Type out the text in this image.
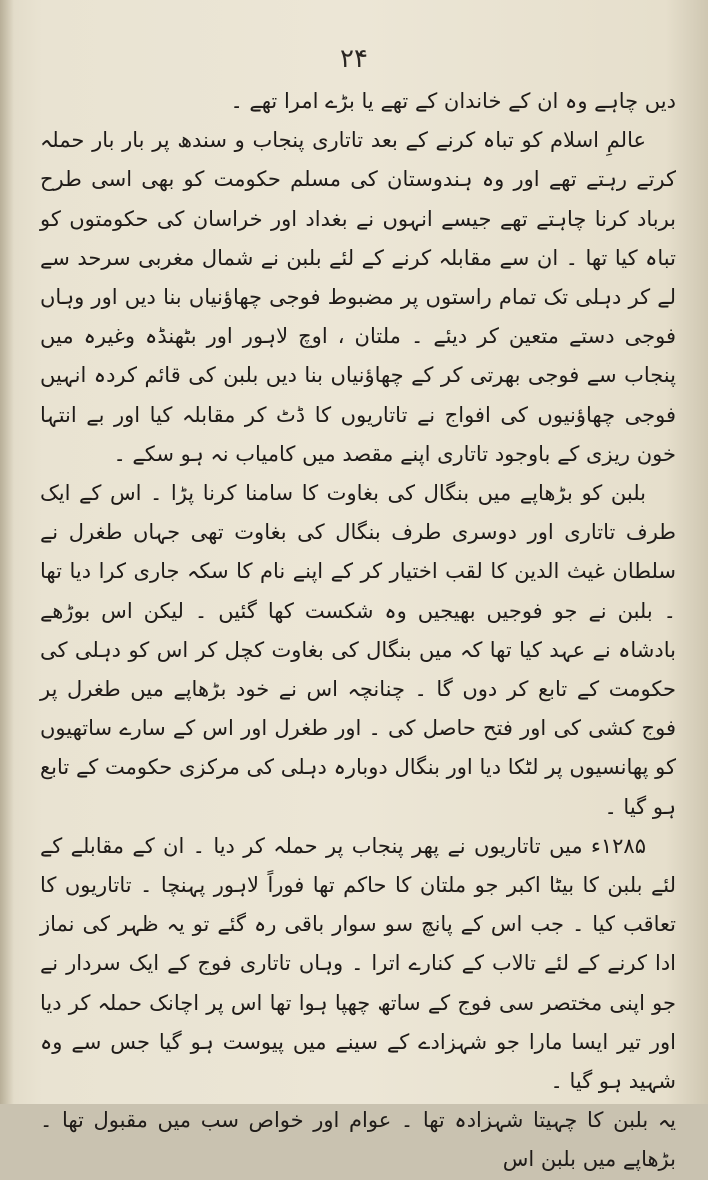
۲۴

دیں چاہے وہ ان کے خاندان کے تھے یا بڑے امرا تھے ۔

عالمِ اسلام کو تباہ کرنے کے بعد تاتاری پنجاب و سندھ پر بار بار حملہ کرتے رہتے تھے اور وہ ہندوستان کی مسلم حکومت کو بھی اسی طرح برباد کرنا چاہتے تھے جیسے انہوں نے بغداد اور خراسان کی حکومتوں کو تباہ کیا تھا ۔ ان سے مقابلہ کرنے کے لئے بلبن نے شمال مغربی سرحد سے لے کر دہلی تک تمام راستوں پر مضبوط فوجی چھاؤنیاں بنا دیں اور وہاں فوجی دستے متعین کر دیئے ۔ ملتان ، اوچ لاہور اور بٹھنڈہ وغیرہ میں پنجاب سے فوجی بھرتی کر کے چھاؤنیاں بنا دیں بلبن کی قائم کردہ انہیں فوجی چھاؤنیوں کی افواج نے تاتاریوں کا ڈٹ کر مقابلہ کیا اور بے انتہا خون ریزی کے باوجود تاتاری اپنے مقصد میں کامیاب نہ ہو سکے ۔

بلبن کو بڑھاپے میں بنگال کی بغاوت کا سامنا کرنا پڑا ۔ اس کے ایک طرف تاتاری اور دوسری طرف بنگال کی بغاوت تھی جہاں طغرل نے سلطان غیث الدین کا لقب اختیار کر کے اپنے نام کا سکہ جاری کرا دیا تھا ۔ بلبن نے جو فوجیں بھیجیں وہ شکست کھا گئیں ۔ لیکن اس بوڑھے بادشاہ نے عہد کیا تھا کہ میں بنگال کی بغاوت کچل کر اس کو دہلی کی حکومت کے تابع کر دوں گا ۔ چنانچہ اس نے خود بڑھاپے میں طغرل پر فوج کشی کی اور فتح حاصل کی ۔ اور طغرل اور اس کے سارے ساتھیوں کو پھانسیوں پر لٹکا دیا اور بنگال دوبارہ دہلی کی مرکزی حکومت کے تابع ہو گیا ۔

۱۲۸۵ء میں تاتاریوں نے پھر پنجاب پر حملہ کر دیا ۔ ان کے مقابلے کے لئے بلبن کا بیٹا اکبر جو ملتان کا حاکم تھا فوراً لاہور پہنچا ۔ تاتاریوں کا تعاقب کیا ۔ جب اس کے پانچ سو سوار باقی رہ گئے تو یہ ظہر کی نماز ادا کرنے کے لئے تالاب کے کنارے اترا ۔ وہاں تاتاری فوج کے ایک سردار نے جو اپنی مختصر سی فوج کے ساتھ چھپا ہوا تھا اس پر اچانک حملہ کر دیا اور تیر ایسا مارا جو شہزادے کے سینے میں پیوست ہو گیا جس سے وہ شہید ہو گیا ۔

یہ بلبن کا چہیتا شہزادہ تھا ۔ عوام اور خواص سب میں مقبول تھا ۔ بڑھاپے میں بلبن اس
